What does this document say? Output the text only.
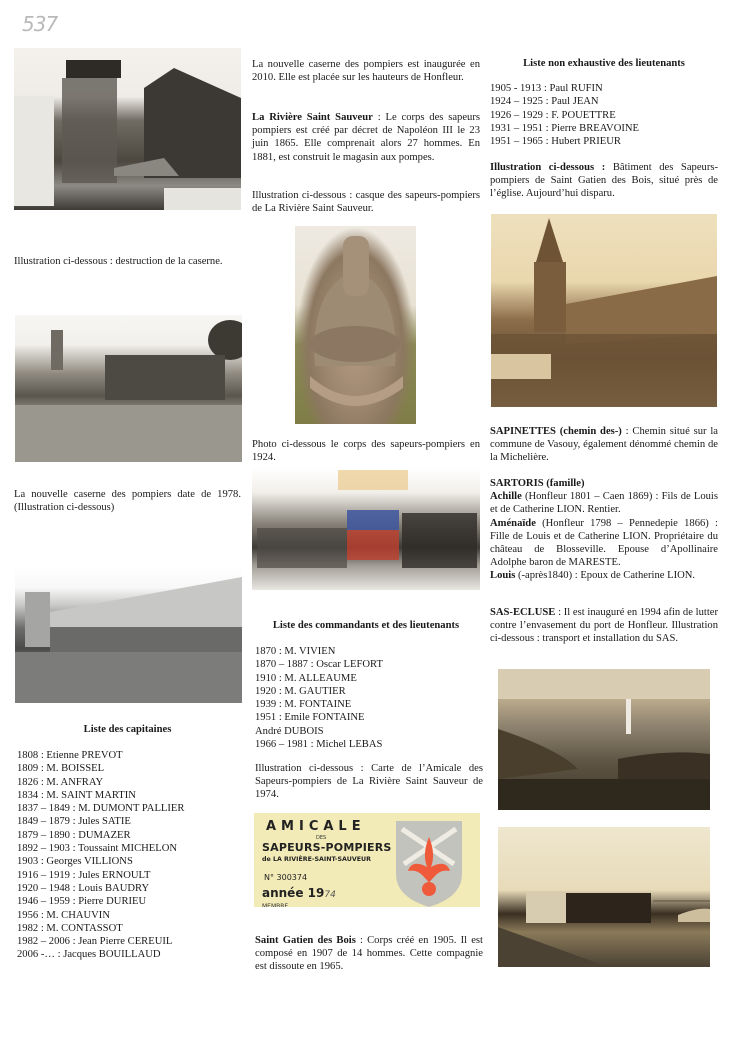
537
Illustration ci-dessous : destruction de la caserne.
La nouvelle caserne des pompiers date de 1978. (Illustration ci-dessous)
Liste des capitaines
1808 : Etienne PREVOT
1809 : M. BOISSEL
1826 : M. ANFRAY
1834 : M. SAINT MARTIN
1837 – 1849 : M. DUMONT PALLIER
1849 – 1879 : Jules SATIE
1879 – 1890 : DUMAZER
1892 – 1903 : Toussaint MICHELON
1903 : Georges VILLIONS
1916 – 1919 : Jules ERNOULT
1920 – 1948 : Louis BAUDRY
1946 – 1959 : Pierre DURIEU
1956 : M. CHAUVIN
1982 : M. CONTASSOT
1982 – 2006 : Jean Pierre CEREUIL
2006 -… : Jacques BOUILLAUD
La nouvelle caserne des pompiers est inaugurée en 2010. Elle est placée sur les hauteurs de Honfleur.
La Rivière Saint Sauveur : Le corps des sapeurs pompiers est créé par décret de Napoléon III le 23 juin 1865. Elle comprenait alors 27 hommes. En 1881, est construit le magasin aux pompes.
Illustration ci-dessous : casque des sapeurs-pompiers de La Rivière Saint Sauveur.
Photo ci-dessous le corps des sapeurs-pompiers en 1924.
Liste des commandants et des lieutenants
1870 : M. VIVIEN
1870 – 1887 : Oscar LEFORT
1910 : M. ALLEAUME
1920 : M. GAUTIER
1939 : M. FONTAINE
1951 : Emile FONTAINE
André DUBOIS
1966 – 1981 : Michel LEBAS
Illustration ci-dessous : Carte de l’Amicale des Sapeurs-pompiers de La Rivière Saint Sauveur de 1974.
AMICALE
DES
SAPEURS-POMPIERS
de LA RIVIÈRE-SAINT-SAUVEUR
N° 300374
année 1974
MEMBRE
Saint Gatien des Bois : Corps créé en 1905. Il est composé en 1907 de 14 hommes. Cette compagnie est dissoute en 1965.
Liste non exhaustive des lieutenants
1905 - 1913 : Paul RUFIN
1924 – 1925 : Paul JEAN
1926 – 1929 : F. POUETTRE
1931 – 1951 : Pierre BREAVOINE
1951 – 1965 : Hubert PRIEUR
Illustration ci-dessous : Bâtiment des Sapeurs-pompiers de Saint Gatien des Bois, situé près de l’église. Aujourd’hui disparu.
SAPINETTES (chemin des-) : Chemin situé sur la commune de Vasouy, également dénommé chemin de la Michelière.
SARTORIS (famille)
Achille (Honfleur 1801 – Caen 1869) : Fils de Louis et de Catherine LION. Rentier.
Aménaïde (Honfleur 1798 – Pennedepie 1866) : Fille de Louis et de Catherine LION. Propriétaire du château de Blosseville. Epouse d’Apollinaire Adolphe baron de MARESTE.
Louis (-après1840) : Epoux de Catherine LION.
SAS-ECLUSE : Il est inauguré en 1994 afin de lutter contre l’envasement du port de Honfleur. Illustration ci-dessous : transport et installation du SAS.
